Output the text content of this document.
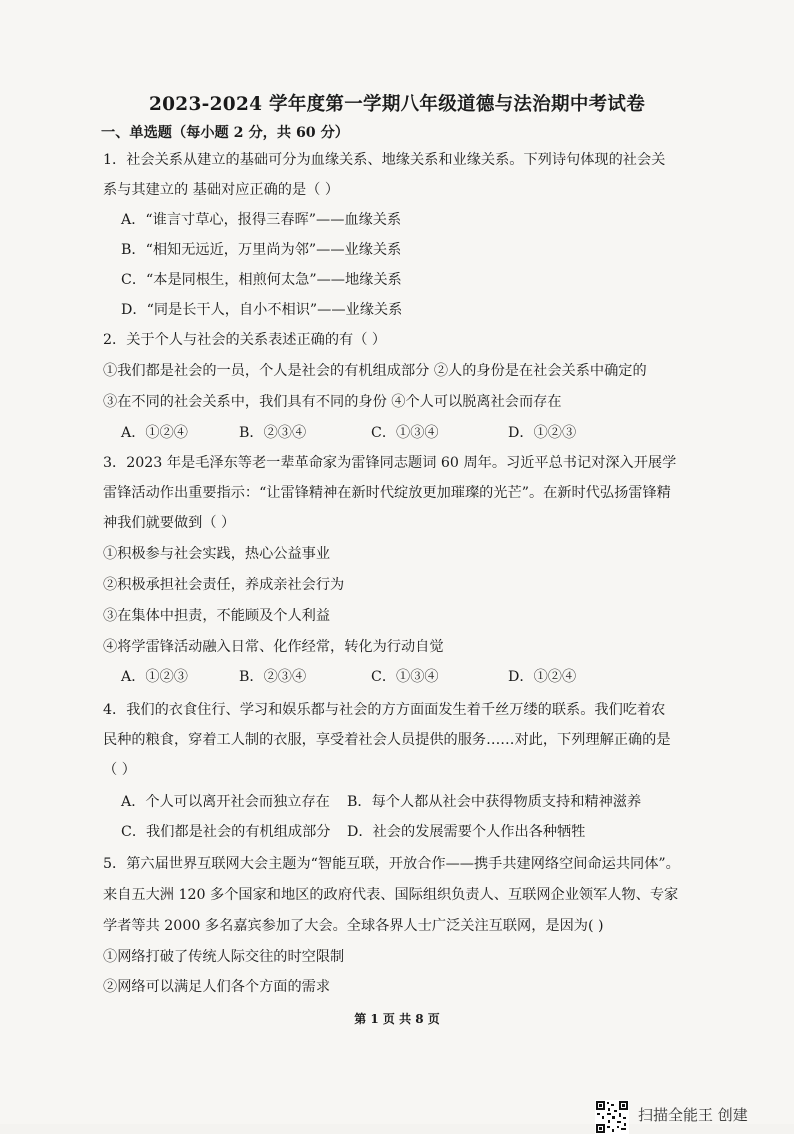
2023-2024 学年度第一学期八年级道德与法治期中考试卷
一、单选题（每小题 2 分，共 60 分）
1．社会关系从建立的基础可分为血缘关系、地缘关系和业缘关系。下列诗句体现的社会关
系与其建立的 基础对应正确的是（ ）
A．“谁言寸草心，报得三春晖”——血缘关系
B．“相知无远近，万里尚为邻”——业缘关系
C．“本是同根生，相煎何太急”——地缘关系
D．“同是长干人，自小不相识”——业缘关系
2．关于个人与社会的关系表述正确的有（ ）
①我们都是社会的一员，个人是社会的有机组成部分 ②人的身份是在社会关系中确定的
③在不同的社会关系中，我们具有不同的身份 ④个人可以脱离社会而存在
A．①②④	B．②③④	C．①③④	D．①②③
3．2023 年是毛泽东等老一辈革命家为雷锋同志题词 60 周年。习近平总书记对深入开展学
雷锋活动作出重要指示：“让雷锋精神在新时代绽放更加璀璨的光芒”。在新时代弘扬雷锋精
神我们就要做到（ ）
①积极参与社会实践，热心公益事业
②积极承担社会责任，养成亲社会行为
③在集体中担责，不能顾及个人利益
④将学雷锋活动融入日常、化作经常，转化为行动自觉
A．①②③	B．②③④	C．①③④	D．①②④
4．我们的衣食住行、学习和娱乐都与社会的方方面面发生着千丝万缕的联系。我们吃着农
民种的粮食，穿着工人制的衣服，享受着社会人员提供的服务……对此，下列理解正确的是
（ ）
A．个人可以离开社会而独立存在 B．每个人都从社会中获得物质支持和精神滋养
C．我们都是社会的有机组成部分 D．社会的发展需要个人作出各种牺牲
5．第六届世界互联网大会主题为“智能互联，开放合作——携手共建网络空间命运共同体”。
来自五大洲 120 多个国家和地区的政府代表、国际组织负责人、互联网企业领军人物、专家
学者等共 2000 多名嘉宾参加了大会。全球各界人士广泛关注互联网，是因为( )
①网络打破了传统人际交往的时空限制
②网络可以满足人们各个方面的需求
第 1 页 共 8 页
扫描全能王 创建
